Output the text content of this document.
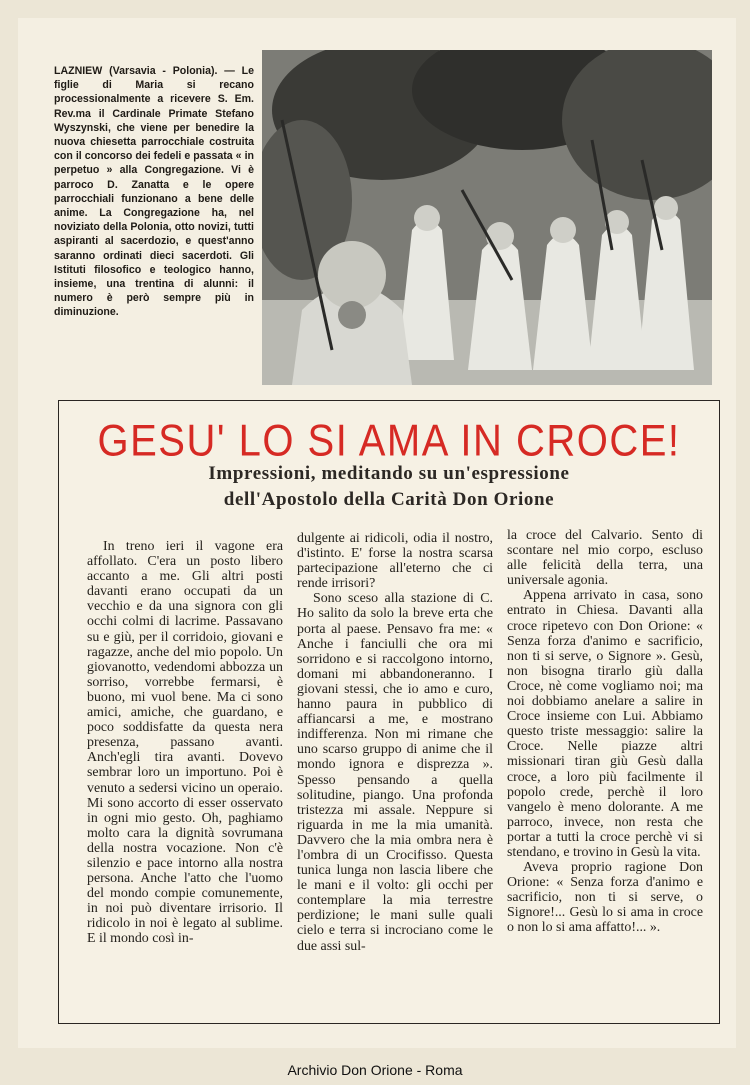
LAZNIEW (Varsavia - Polonia). — Le figlie di Maria si recano processionalmente a ricevere S. Em. Rev.ma il Cardinale Primate Stefano Wyszynski, che viene per benedire la nuova chiesetta parrocchiale costruita con il concorso dei fedeli e passata « in perpetuo » alla Congregazione. Vi è parroco D. Zanatta e le opere parrocchiali funzionano a bene delle anime. La Congregazione ha, nel noviziato della Polonia, otto novizi, tutti aspiranti al sacerdozio, e quest'anno saranno ordinati dieci sacerdoti. Gli Istituti filosofico e teologico hanno, insieme, una trentina di alunni: il numero è però sempre più in diminuzione.
GESU' LO SI AMA IN CROCE!
Impressioni, meditando su un'espressione
dell'Apostolo della Carità Don Orione

In treno ieri il vagone era affollato. C'era un posto libero accanto a me. Gli altri posti davanti erano occupati da un vecchio e da una signora con gli occhi colmi di lacrime. Passavano su e giù, per il corridoio, giovani e ragazze, anche del mio popolo. Un giovanotto, vedendomi abbozza un sorriso, vorrebbe fermarsi, è buono, mi vuol bene. Ma ci sono amici, amiche, che guardano, e poco soddisfatte da questa nera presenza, passano avanti. Anch'egli tira avanti. Dovevo sembrar loro un importuno. Poi è venuto a sedersi vicino un operaio. Mi sono accorto di esser osservato in ogni mio gesto. Oh, paghiamo molto cara la dignità sovrumana della nostra vocazione. Non c'è silenzio e pace intorno alla nostra persona. Anche l'atto che l'uomo del mondo compie comunemente, in noi può diventare irrisorio. Il ridicolo in noi è legato al sublime. E il mondo così in-

dulgente ai ridicoli, odia il nostro, d'istinto. E' forse la nostra scarsa partecipazione all'eterno che ci rende irrisori?

Sono sceso alla stazione di C. Ho salito da solo la breve erta che porta al paese. Pensavo fra me: « Anche i fanciulli che ora mi sorridono e si raccolgono intorno, domani mi abbandoneranno. I giovani stessi, che io amo e curo, hanno paura in pubblico di affiancarsi a me, e mostrano indifferenza. Non mi rimane che uno scarso gruppo di anime che il mondo ignora e disprezza ». Spesso pensando a quella solitudine, piango. Una profonda tristezza mi assale. Neppure si riguarda in me la mia umanità. Davvero che la mia ombra nera è l'ombra di un Crocifisso. Questa tunica lunga non lascia libere che le mani e il volto: gli occhi per contemplare la mia terrestre perdizione; le mani sulle quali cielo e terra si incrociano come le due assi sul-

la croce del Calvario. Sento di scontare nel mio corpo, escluso alle felicità della terra, una universale agonia.

Appena arrivato in casa, sono entrato in Chiesa. Davanti alla croce ripetevo con Don Orione: « Senza forza d'animo e sacrificio, non ti si serve, o Signore ». Gesù, non bisogna tirarlo giù dalla Croce, nè come vogliamo noi; ma noi dobbiamo anelare a salire in Croce insieme con Lui. Abbiamo questo triste messaggio: salire la Croce. Nelle piazze altri missionari tiran giù Gesù dalla croce, a loro più facilmente il popolo crede, perchè il loro vangelo è meno dolorante. A me parroco, invece, non resta che portar a tutti la croce perchè vi si stendano, e trovino in Gesù la vita.

Aveva proprio ragione Don Orione: « Senza forza d'animo e sacrificio, non ti si serve, o Signore!... Gesù lo si ama in croce o non lo si ama affatto!... ».

Archivio Don Orione - Roma
